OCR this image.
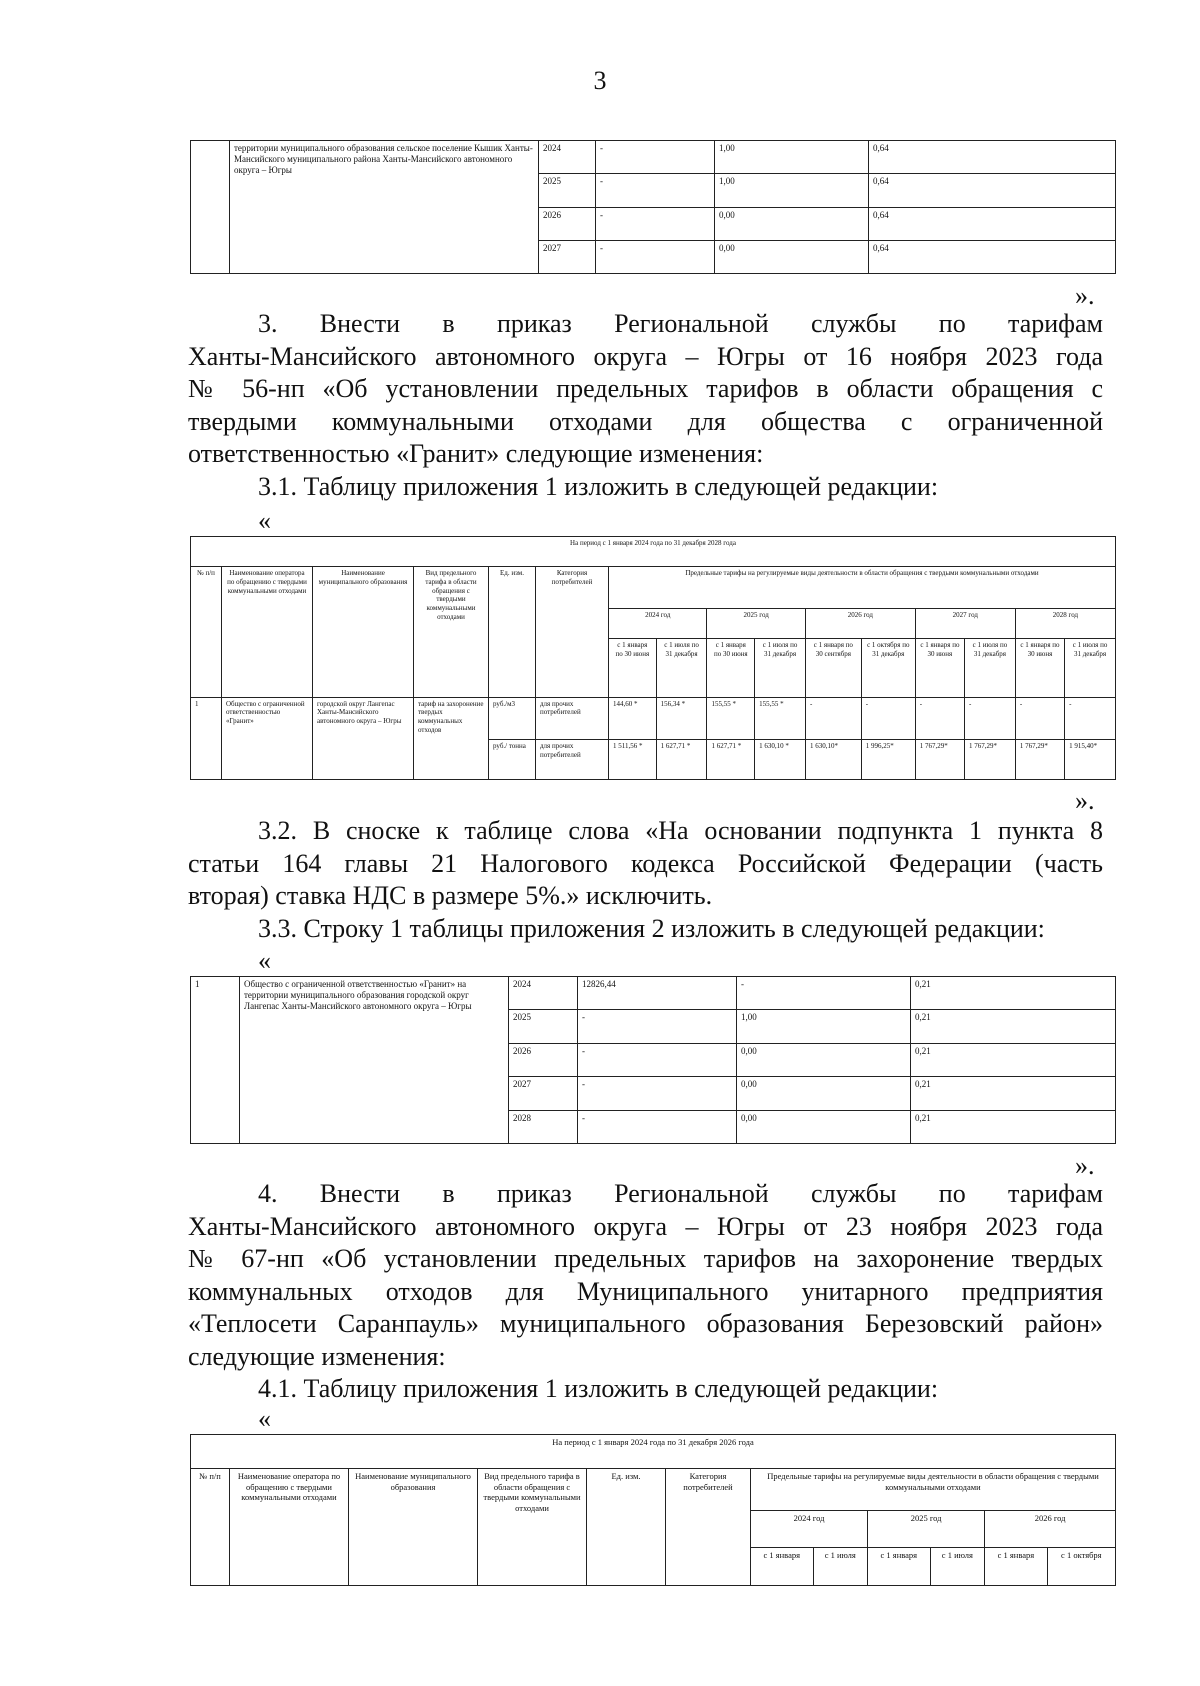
3
	территории муниципального образования сельское поселение Кышик Ханты-Мансийского муниципального района Ханты-Мансийского автономного округа – Югры	2024	-	1,00	0,64
		2025	-	1,00	0,64
		2026	-	0,00	0,64
		2027	-	0,00	0,64
».
3. Внести в приказ Региональной службы по тарифам
Ханты-Мансийского автономного округа – Югры от 16 ноября 2023 года
№ 56-нп «Об установлении предельных тарифов в области обращения с
твердыми коммунальными отходами для общества с ограниченной
ответственностью «Гранит» следующие изменения:
3.1. Таблицу приложения 1 изложить в следующей редакции:
«
На период с 1 января 2024 года по 31 декабря 2028 года															
№ п/п	Наименование оператора по обращению с твердыми коммунальными отходами	Наименование муниципального образования	Вид предельного тарифа в области обращения с твердыми коммунальными отходами	Ед. изм.	Категория потребителей	Предельные тарифы на регулируемые виды деятельности в области обращения с твердыми коммунальными отходами									
						2024 год		2025 год		2026 год		2027 год		2028 год	
						с 1 января по 30 июня	с 1 июля по 31 декабря	с 1 января по 30 июня	с 1 июля по 31 декабря	с 1 января по 30 сентября	с 1 октября по 31 декабря	с 1 января по 30 июня	с 1 июля по 31 декабря	с 1 января по 30 июня	с 1 июля по 31 декабря
1	Общество с ограниченной ответственностью «Гранит»	городской округ Лангепас Ханты-Мансийского автономного округа – Югры	тариф на захоронение твердых коммунальных отходов	руб./м3	для прочих потребителей	144,60 *	156,34 *	155,55 *	155,55 *	-	-	-	-	-	-
				руб./ тонна	для прочих потребителей	1 511,56 *	1 627,71 *	1 627,71 *	1 630,10 *	1 630,10*	1 996,25*	1 767,29*	1 767,29*	1 767,29*	1 915,40*
».
3.2. В сноске к таблице слова «На основании подпункта 1 пункта 8
статьи 164 главы 21 Налогового кодекса Российской Федерации (часть
вторая) ставка НДС в размере 5%.» исключить.
3.3. Строку 1 таблицы приложения 2 изложить в следующей редакции:
«
1	Общество с ограниченной ответственностью «Гранит» на территории муниципального образования городской округ Лангепас Ханты-Мансийского автономного округа – Югры	2024	12826,44	-	0,21
		2025	-	1,00	0,21
		2026	-	0,00	0,21
		2027	-	0,00	0,21
		2028	-	0,00	0,21
».
4. Внести в приказ Региональной службы по тарифам
Ханты-Мансийского автономного округа – Югры от 23 ноября 2023 года
№ 67-нп «Об установлении предельных тарифов на захоронение твердых
коммунальных отходов для Муниципального унитарного предприятия
«Теплосети Саранпауль» муниципального образования Березовский район»
следующие изменения:
4.1. Таблицу приложения 1 изложить в следующей редакции:
«
На период с 1 января 2024 года по 31 декабря 2026 года											
№ п/п	Наименование оператора по обращению с твердыми коммунальными отходами	Наименование муниципального образования	Вид предельного тарифа в области обращения с твердыми коммунальными отходами	Ед. изм.	Категория потребителей	Предельные тарифы на регулируемые виды деятельности в области обращения с твердыми коммунальными отходами					
						2024 год		2025 год		2026 год	
						с 1 января	с 1 июля	с 1 января	с 1 июля	с 1 января	с 1 октября
